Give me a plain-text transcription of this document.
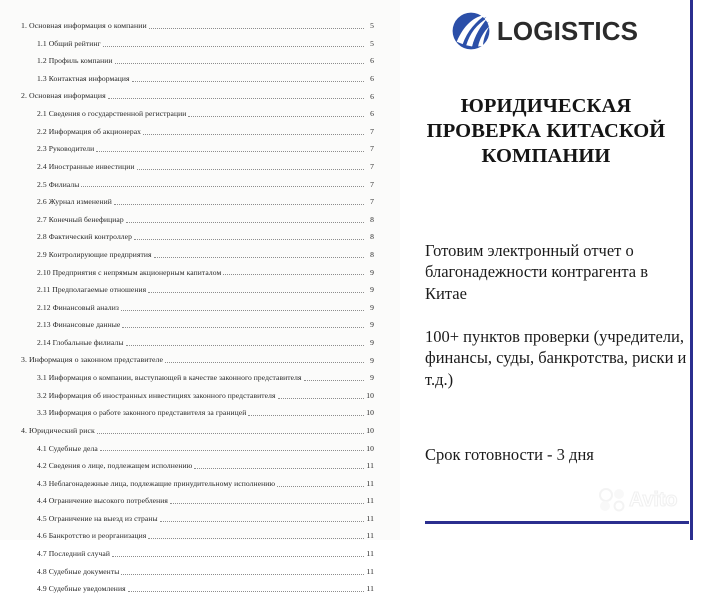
1. Основная информация о компании	5
1.1 Общий рейтинг	5
1.2 Профиль компании	6
1.3 Контактная информация	6
2. Основная информация	6
2.1 Сведения о государственной регистрации	6
2.2 Информация об акционерах	7
2.3 Руководители	7
2.4 Иностранные инвестиции	7
2.5 Филиалы	7
2.6 Журнал изменений	7
2.7 Конечный бенефициар	8
2.8 Фактический контроллер	8
2.9 Контролирующие предприятия	8
2.10 Предприятия с непрямым акционерным капиталом	9
2.11 Предполагаемые отношения	9
2.12 Финансовый анализ	9
2.13 Финансовые данные	9
2.14 Глобальные филиалы	9
3. Информация о законном представителе	9
3.1 Информация о компании, выступающей в качестве законного представителя	9
3.2 Информация об иностранных инвестициях законного представителя	10
3.3 Информация о работе законного представителя за границей	10
4. Юридический риск	10
4.1 Судебные дела	10
4.2 Сведения о лице, подлежащем исполнению	11
4.3 Неблагонадежные лица, подлежащие принудительному исполнению	11
4.4 Ограничение высокого потребления	11
4.5 Ограничение на выезд из страны	11
4.6 Банкротство и реорганизация	11
4.7 Последний случай	11
4.8 Судебные документы	11
4.9 Судебные уведомления	11
LOGISTICS
ЮРИДИЧЕСКАЯ ПРОВЕРКА КИТАСКОЙ КОМПАНИИ
Готовим электронный отчет о благонадежности контрагента в Китае
100+ пунктов проверки (учредители, финансы, суды, банкротства, риски и т.д.)
Срок готовности - 3 дня
Avito
